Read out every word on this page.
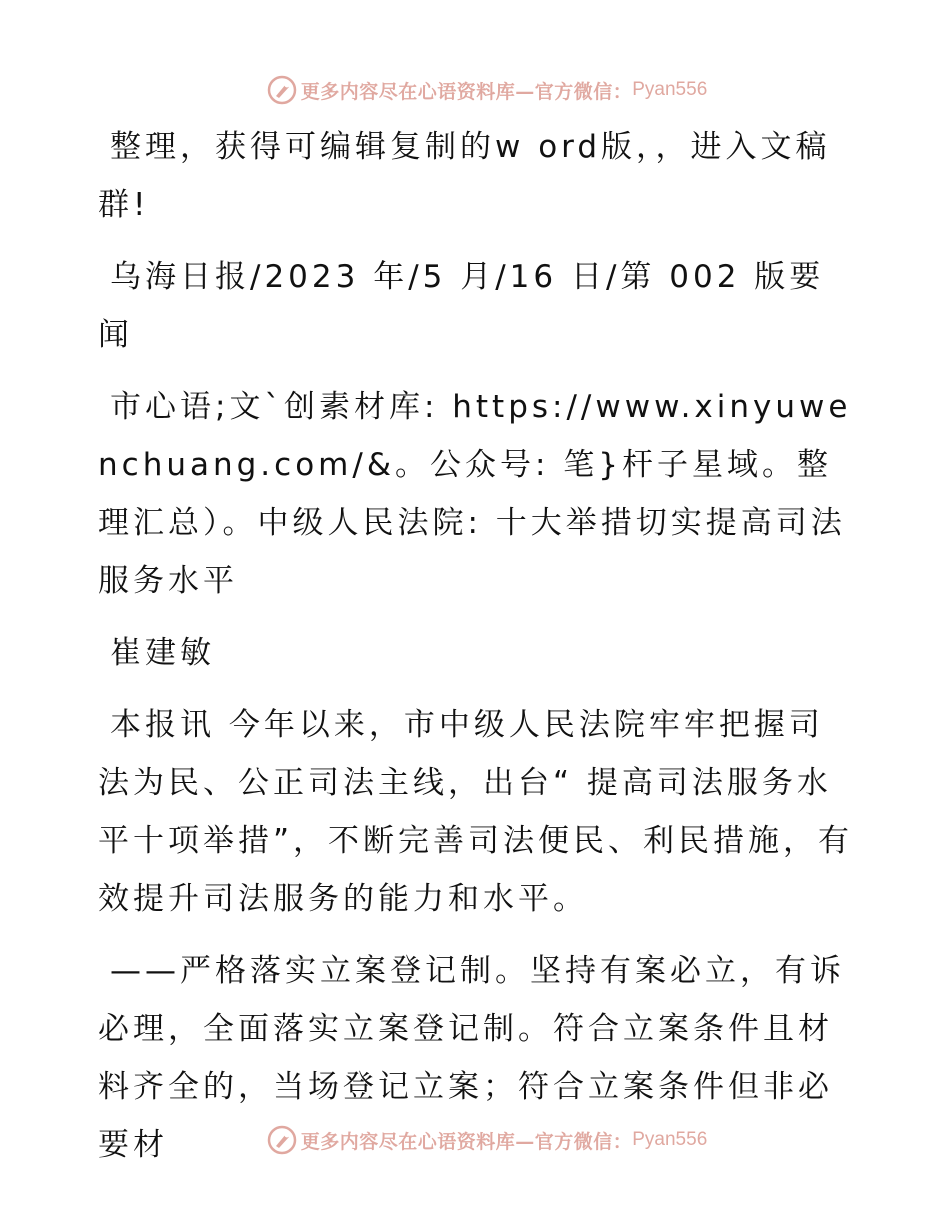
更多内容尽在心语资料库—官方微信： Pyan556

整理，获得可编辑复制的w ord版，，进入文稿群!

乌海日报/2023 年/5 月/16 日/第 002 版要闻

市心语;文`创素材库: https://www.xinyuwenchuang.com/&。公众号: 笔}杆子星域。整理汇总）。中级人民法院: 十大举措切实提高司法服务水平

崔建敏

本报讯 今年以来，市中级人民法院牢牢把握司法为民、公正司法主线，出台“ 提高司法服务水平十项举措”，不断完善司法便民、利民措施，有效提升司法服务的能力和水平。

——严格落实立案登记制。坚持有案必立，有诉必理，全面落实立案登记制。符合立案条件且材料齐全的，当场登记立案；符合立案条件但非必要材	更多内容尽在心语资料库—官方微信： Pyan556
